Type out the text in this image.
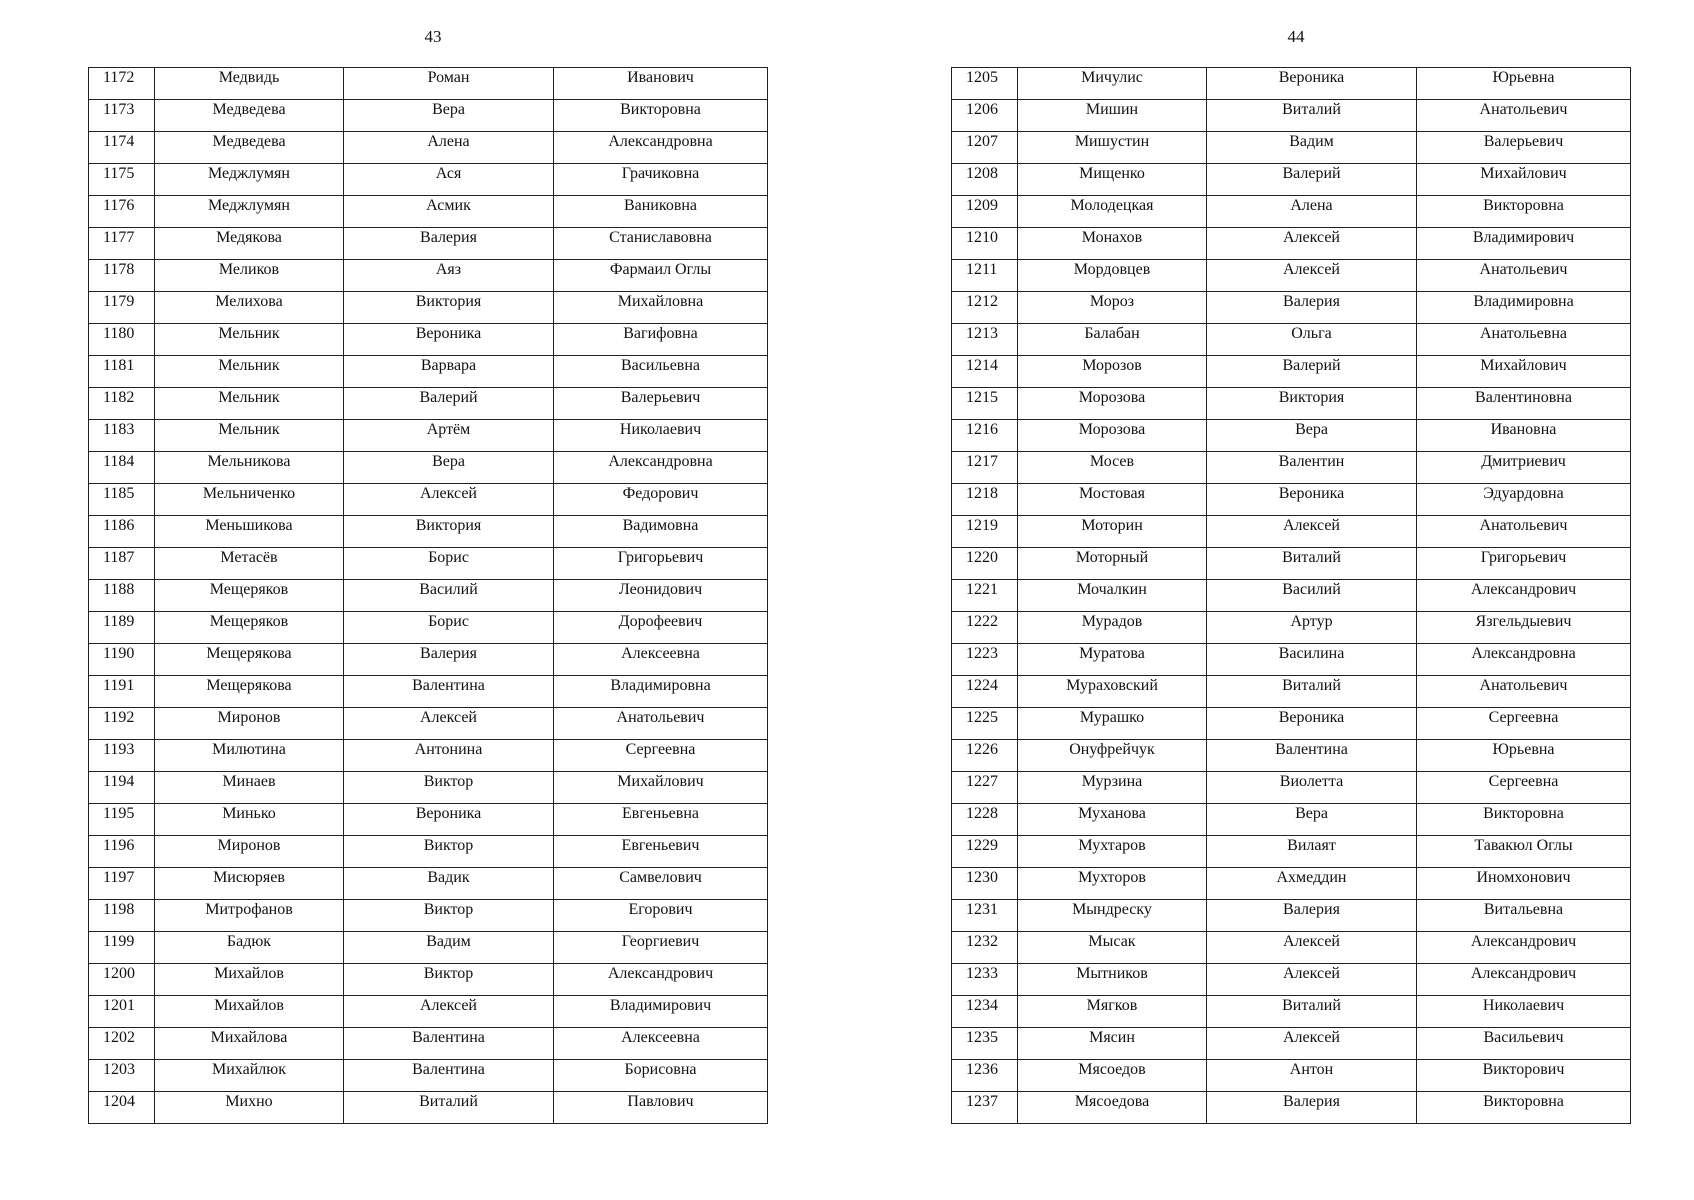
43
1172	Медвидь	Роман	Иванович
1173	Медведева	Вера	Викторовна
1174	Медведева	Алена	Александровна
1175	Меджлумян	Ася	Грачиковна
1176	Меджлумян	Асмик	Ваниковна
1177	Медякова	Валерия	Станиславовна
1178	Меликов	Аяз	Фармаил Оглы
1179	Мелихова	Виктория	Михайловна
1180	Мельник	Вероника	Вагифовна
1181	Мельник	Варвара	Васильевна
1182	Мельник	Валерий	Валерьевич
1183	Мельник	Артём	Николаевич
1184	Мельникова	Вера	Александровна
1185	Мельниченко	Алексей	Федорович
1186	Меньшикова	Виктория	Вадимовна
1187	Метасёв	Борис	Григорьевич
1188	Мещеряков	Василий	Леонидович
1189	Мещеряков	Борис	Дорофеевич
1190	Мещерякова	Валерия	Алексеевна
1191	Мещерякова	Валентина	Владимировна
1192	Миронов	Алексей	Анатольевич
1193	Милютина	Антонина	Сергеевна
1194	Минаев	Виктор	Михайлович
1195	Минько	Вероника	Евгеньевна
1196	Миронов	Виктор	Евгеньевич
1197	Мисюряев	Вадик	Самвелович
1198	Митрофанов	Виктор	Егорович
1199	Бадюк	Вадим	Георгиевич
1200	Михайлов	Виктор	Александрович
1201	Михайлов	Алексей	Владимирович
1202	Михайлова	Валентина	Алексеевна
1203	Михайлюк	Валентина	Борисовна
1204	Михно	Виталий	Павлович
44
1205	Мичулис	Вероника	Юрьевна
1206	Мишин	Виталий	Анатольевич
1207	Мишустин	Вадим	Валерьевич
1208	Мищенко	Валерий	Михайлович
1209	Молодецкая	Алена	Викторовна
1210	Монахов	Алексей	Владимирович
1211	Мордовцев	Алексей	Анатольевич
1212	Мороз	Валерия	Владимировна
1213	Балабан	Ольга	Анатольевна
1214	Морозов	Валерий	Михайлович
1215	Морозова	Виктория	Валентиновна
1216	Морозова	Вера	Ивановна
1217	Мосев	Валентин	Дмитриевич
1218	Мостовая	Вероника	Эдуардовна
1219	Моторин	Алексей	Анатольевич
1220	Моторный	Виталий	Григорьевич
1221	Мочалкин	Василий	Александрович
1222	Мурадов	Артур	Язгельдыевич
1223	Муратова	Василина	Александровна
1224	Мураховский	Виталий	Анатольевич
1225	Мурашко	Вероника	Сергеевна
1226	Онуфрейчук	Валентина	Юрьевна
1227	Мурзина	Виолетта	Сергеевна
1228	Муханова	Вера	Викторовна
1229	Мухтаров	Вилаят	Тавакюл Оглы
1230	Мухторов	Ахмеддин	Иномхонович
1231	Мындреску	Валерия	Витальевна
1232	Мысак	Алексей	Александрович
1233	Мытников	Алексей	Александрович
1234	Мягков	Виталий	Николаевич
1235	Мясин	Алексей	Васильевич
1236	Мясоедов	Антон	Викторович
1237	Мясоедова	Валерия	Викторовна
